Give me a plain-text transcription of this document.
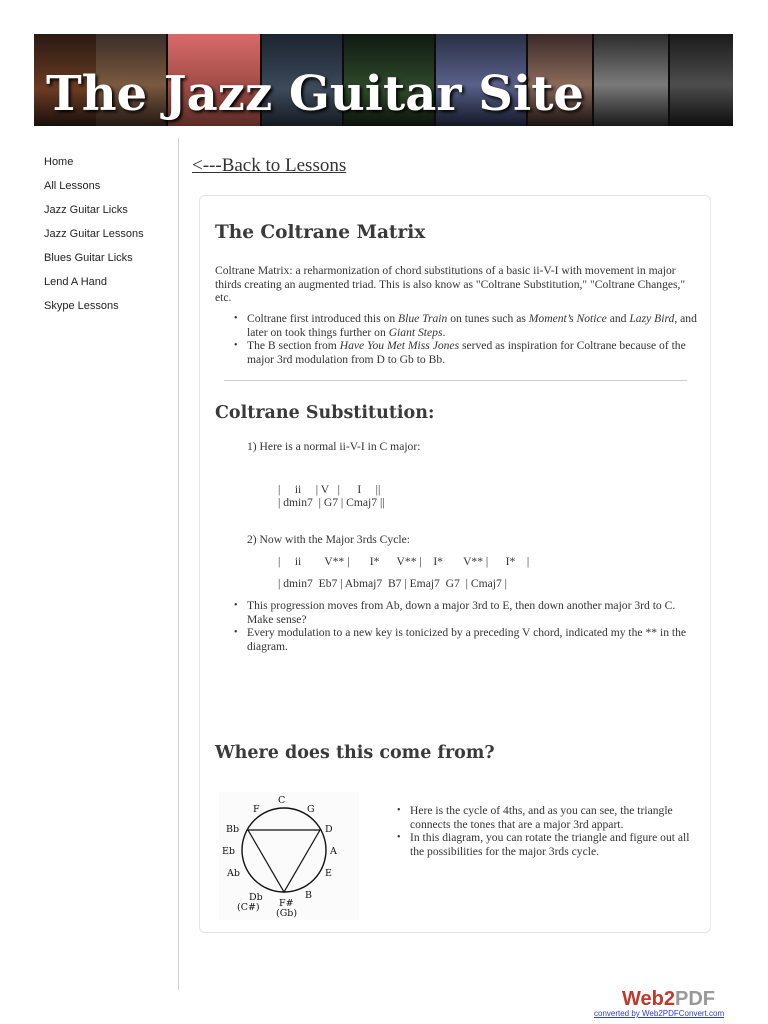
The Jazz Guitar Site
Home
All Lessons
Jazz Guitar Licks
Jazz Guitar Lessons
Blues Guitar Licks
Lend A Hand
Skype Lessons
<---Back to Lessons
The Coltrane Matrix

Coltrane Matrix: a reharmonization of chord substitutions of a basic ii-V-I with movement in major thirds creating an augmented triad. This is also know as "Coltrane Substitution," "Coltrane Changes," etc.

• Coltrane first introduced this on Blue Train on tunes such as Moment’s Notice and Lazy Bird, and later on took things further on Giant Steps.
• The B section from Have You Met Miss Jones served as inspiration for Coltrane because of the major 3rd modulation from D to Gb to Bb.
Coltrane Substitution:

1) Here is a normal ii-V-I in C major:

|     ii     | V   |      I     ||
| dmin7  | G7 | Cmaj7 ||

2) Now with the Major 3rds Cycle:

|     ii        V** |       I*      V** |    I*       V** |      I*    |
| dmin7  Eb7 | Abmaj7  B7 | Emaj7  G7  | Cmaj7 |
• This progression moves from Ab, down a major 3rd to E, then down another major 3rd to C. Make sense?
• Every modulation to a new key is tonicized by a preceding V chord, indicated my the ** in the diagram.
Where does this come from?
C
G
D
A
E
B
F#
(Gb)
Db
(C#)
Ab
Eb
Bb
F
•	Here is the cycle of 4ths, and as you can see, the triangle connects the tones that are a major 3rd appart.
• In this diagram, you can rotate the triangle and figure out all the possibilities for the major 3rds cycle.
Web2PDF
converted by Web2PDFConvert.com
